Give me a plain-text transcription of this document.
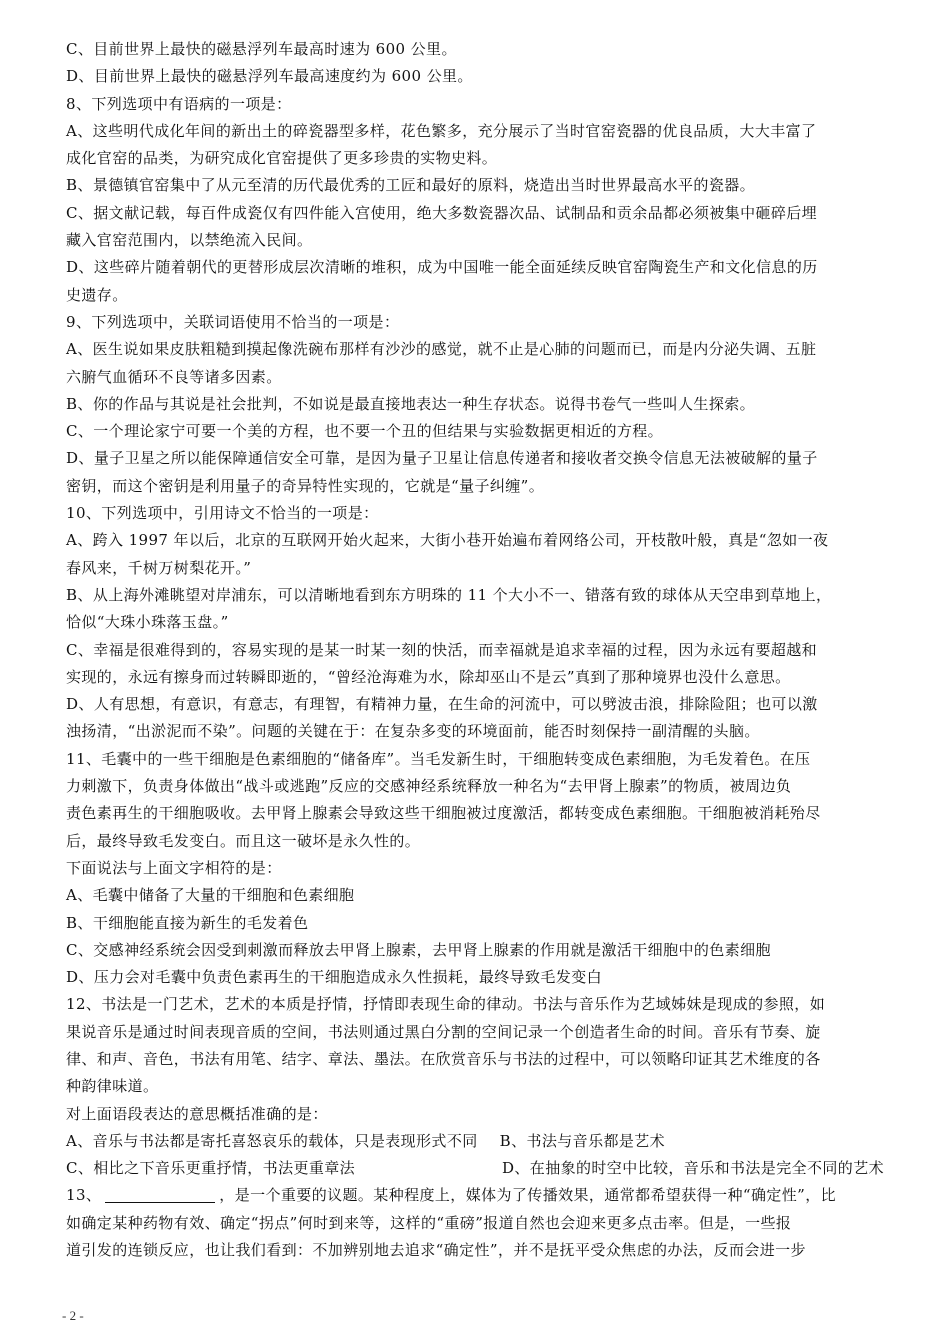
C、目前世界上最快的磁悬浮列车最高时速为 600 公里。
D、目前世界上最快的磁悬浮列车最高速度约为 600 公里。
8、下列选项中有语病的一项是：
A、这些明代成化年间的新出土的碎瓷器型多样，花色繁多，充分展示了当时官窑瓷器的优良品质，大大丰富了
成化官窑的品类，为研究成化官窑提供了更多珍贵的实物史料。
B、景德镇官窑集中了从元至清的历代最优秀的工匠和最好的原料，烧造出当时世界最高水平的瓷器。
C、据文献记载，每百件成瓷仅有四件能入宫使用，绝大多数瓷器次品、试制品和贡余品都必须被集中砸碎后埋
藏入官窑范围内，以禁绝流入民间。
D、这些碎片随着朝代的更替形成层次清晰的堆积，成为中国唯一能全面延续反映官窑陶瓷生产和文化信息的历
史遗存。
9、下列选项中，关联词语使用不恰当的一项是：
A、医生说如果皮肤粗糙到摸起像洗碗布那样有沙沙的感觉，就不止是心肺的问题而已，而是内分泌失调、五脏
六腑气血循环不良等诸多因素。
B、你的作品与其说是社会批判，不如说是最直接地表达一种生存状态。说得书卷气一些叫人生探索。
C、一个理论家宁可要一个美的方程，也不要一个丑的但结果与实验数据更相近的方程。
D、量子卫星之所以能保障通信安全可靠，是因为量子卫星让信息传递者和接收者交换令信息无法被破解的量子
密钥，而这个密钥是利用量子的奇异特性实现的，它就是“量子纠缠”。
10、下列选项中，引用诗文不恰当的一项是：
A、跨入 1997 年以后，北京的互联网开始火起来，大街小巷开始遍布着网络公司，开枝散叶般，真是“忽如一夜
春风来，千树万树梨花开。”
B、从上海外滩眺望对岸浦东，可以清晰地看到东方明珠的 11 个大小不一、错落有致的球体从天空串到草地上，
恰似“大珠小珠落玉盘。”
C、幸福是很难得到的，容易实现的是某一时某一刻的快活，而幸福就是追求幸福的过程，因为永远有要超越和
实现的，永远有擦身而过转瞬即逝的，“曾经沧海难为水，除却巫山不是云”真到了那种境界也没什么意思。
D、人有思想，有意识，有意志，有理智，有精神力量，在生命的河流中，可以劈波击浪，排除险阻；也可以激
浊扬清，“出淤泥而不染”。问题的关键在于：在复杂多变的环境面前，能否时刻保持一副清醒的头脑。
11、毛囊中的一些干细胞是色素细胞的“储备库”。当毛发新生时，干细胞转变成色素细胞，为毛发着色。在压
力刺激下，负责身体做出“战斗或逃跑”反应的交感神经系统释放一种名为“去甲肾上腺素”的物质，被周边负
责色素再生的干细胞吸收。去甲肾上腺素会导致这些干细胞被过度激活，都转变成色素细胞。干细胞被消耗殆尽
后，最终导致毛发变白。而且这一破坏是永久性的。
下面说法与上面文字相符的是：
A、毛囊中储备了大量的干细胞和色素细胞
B、干细胞能直接为新生的毛发着色
C、交感神经系统会因受到刺激而释放去甲肾上腺素，去甲肾上腺素的作用就是激活干细胞中的色素细胞
D、压力会对毛囊中负责色素再生的干细胞造成永久性损耗，最终导致毛发变白
12、书法是一门艺术，艺术的本质是抒情，抒情即表现生命的律动。书法与音乐作为艺域姊妹是现成的参照，如
果说音乐是通过时间表现音质的空间，书法则通过黑白分割的空间记录一个创造者生命的时间。音乐有节奏、旋
律、和声、音色，书法有用笔、结字、章法、墨法。在欣赏音乐与书法的过程中，可以领略印证其艺术维度的各
种韵律味道。
对上面语段表达的意思概括准确的是：
A、音乐与书法都是寄托喜怒哀乐的载体，只是表现形式不同 B、书法与音乐都是艺术
C、相比之下音乐更重抒情，书法更重章法	D、在抽象的时空中比较，音乐和书法是完全不同的艺术
13、	，是一个重要的议题。某种程度上，媒体为了传播效果，通常都希望获得一种“确定性”，比
如确定某种药物有效、确定“拐点”何时到来等，这样的“重磅”报道自然也会迎来更多点击率。但是，一些报
道引发的连锁反应，也让我们看到：不加辨别地去追求“确定性”，并不是抚平受众焦虑的办法，反而会进一步
- 2 -
